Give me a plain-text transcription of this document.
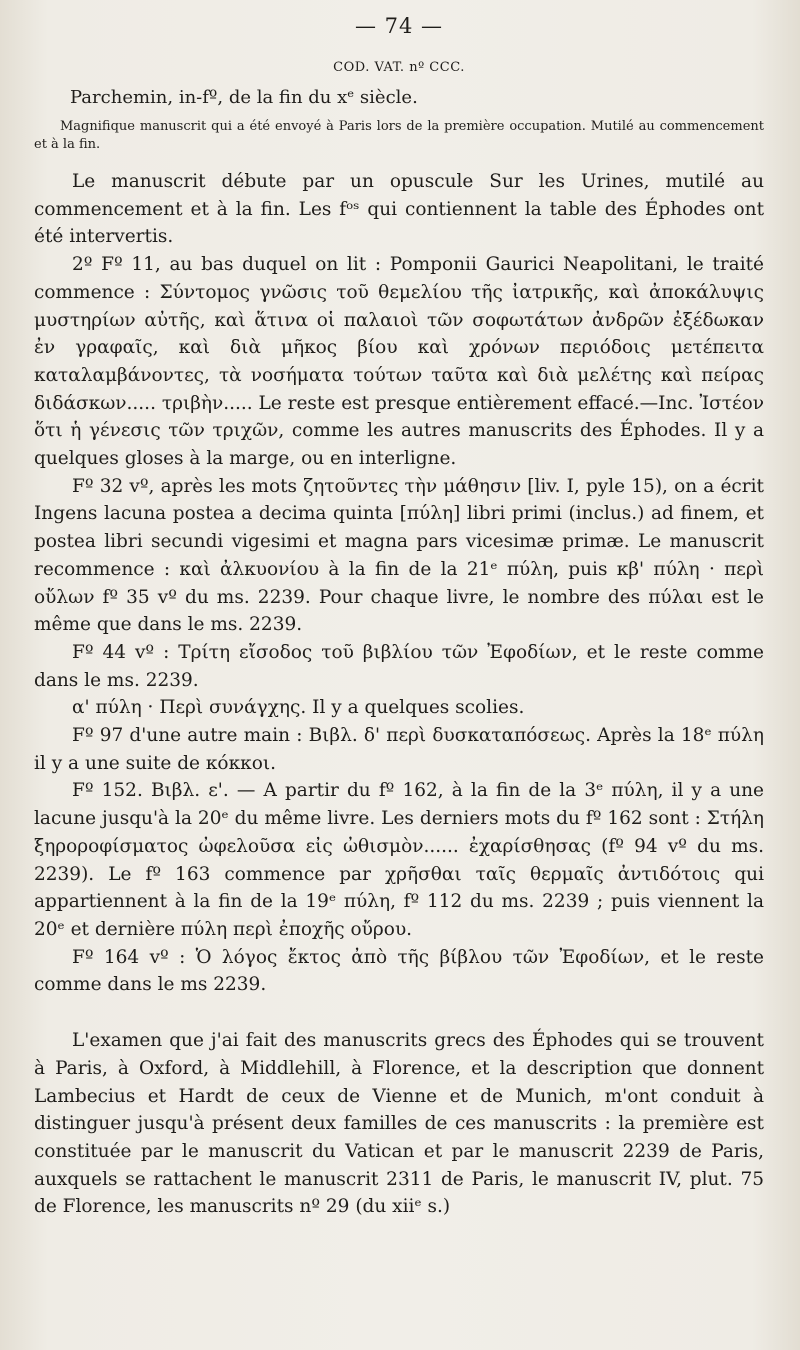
— 74 —
COD. VAT. nº CCC.
Parchemin, in-fº, de la fin du xᵉ siècle.

Magnifique manuscrit qui a été envoyé à Paris lors de la première occupation. Mutilé au commencement et à la fin.

Le manuscrit débute par un opuscule Sur les Urines, mutilé au commencement et à la fin. Les fᵒˢ qui contiennent la table des Éphodes ont été intervertis.

2º Fº 11, au bas duquel on lit : Pomponii Gaurici Neapolitani, le traité commence : Σύντομος γνῶσις τοῦ θεμελίου τῆς ἰατρικῆς, καὶ ἀποκάλυψις μυστηρίων αὐτῆς, καὶ ἅτινα οἱ παλαιοὶ τῶν σοφωτάτων ἀνδρῶν ἐξέδωκαν ἐν γραφαῖς, καὶ διὰ μῆκος βίου καὶ χρόνων περιόδοις μετέπειτα καταλαμβάνοντες, τὰ νοσήματα τούτων ταῦτα καὶ διὰ μελέτης καὶ πείρας διδάσκων..... τριβὴν..... Le reste est presque entièrement effacé.—Inc. Ἰστέον ὅτι ἡ γένεσις τῶν τριχῶν, comme les autres manuscrits des Éphodes. Il y a quelques gloses à la marge, ou en interligne.

Fº 32 vº, après les mots ζητοῦντες τὴν μάθησιν [liv. I, pyle 15), on a écrit Ingens lacuna postea a decima quinta [πύλη] libri primi (inclus.) ad finem, et postea libri secundi vigesimi et magna pars vicesimæ primæ. Le manuscrit recommence : καὶ ἀλκυονίου à la fin de la 21ᵉ πύλη, puis κβ' πύλη · περὶ οὔλων fº 35 vº du ms. 2239. Pour chaque livre, le nombre des πύλαι est le même que dans le ms. 2239.

Fº 44 vº : Τρίτη εἴσοδος τοῦ βιβλίου τῶν Ἐφοδίων, et le reste comme dans le ms. 2239.

α' πύλη · Περὶ συνάγχης. Il y a quelques scolies.

Fº 97 d'une autre main : Βιβλ. δ' περὶ δυσκαταπόσεως. Après la 18ᵉ πύλη il y a une suite de κόκκοι.

Fº 152. Βιβλ. ε'. — A partir du fº 162, à la fin de la 3ᵉ πύλη, il y a une lacune jusqu'à la 20ᵉ du même livre. Les derniers mots du fº 162 sont : Στήλη ξηροροφίσματος ὠφελοῦσα εἰς ὠθισμὸν...... ἐχαρίσθησας (fº 94 vº du ms. 2239). Le fº 163 commence par χρῆσθαι ταῖς θερμαῖς ἀντιδότοις qui appartiennent à la fin de la 19ᵉ πύλη, fº 112 du ms. 2239 ; puis viennent la 20ᵉ et dernière πύλη περὶ ἐποχῆς οὔρου.

Fº 164 vº : Ὁ λόγος ἔκτος ἀπὸ τῆς βίβλου τῶν Ἐφοδίων, et le reste comme dans le ms 2239.

L'examen que j'ai fait des manuscrits grecs des Éphodes qui se trouvent à Paris, à Oxford, à Middlehill, à Florence, et la description que donnent Lambecius et Hardt de ceux de Vienne et de Munich, m'ont conduit à distinguer jusqu'à présent deux familles de ces manuscrits : la première est constituée par le manuscrit du Vatican et par le manuscrit 2239 de Paris, auxquels se rattachent le manuscrit 2311 de Paris, le manuscrit IV, plut. 75 de Florence, les manuscrits nº 29 (du xiiᵉ s.)
